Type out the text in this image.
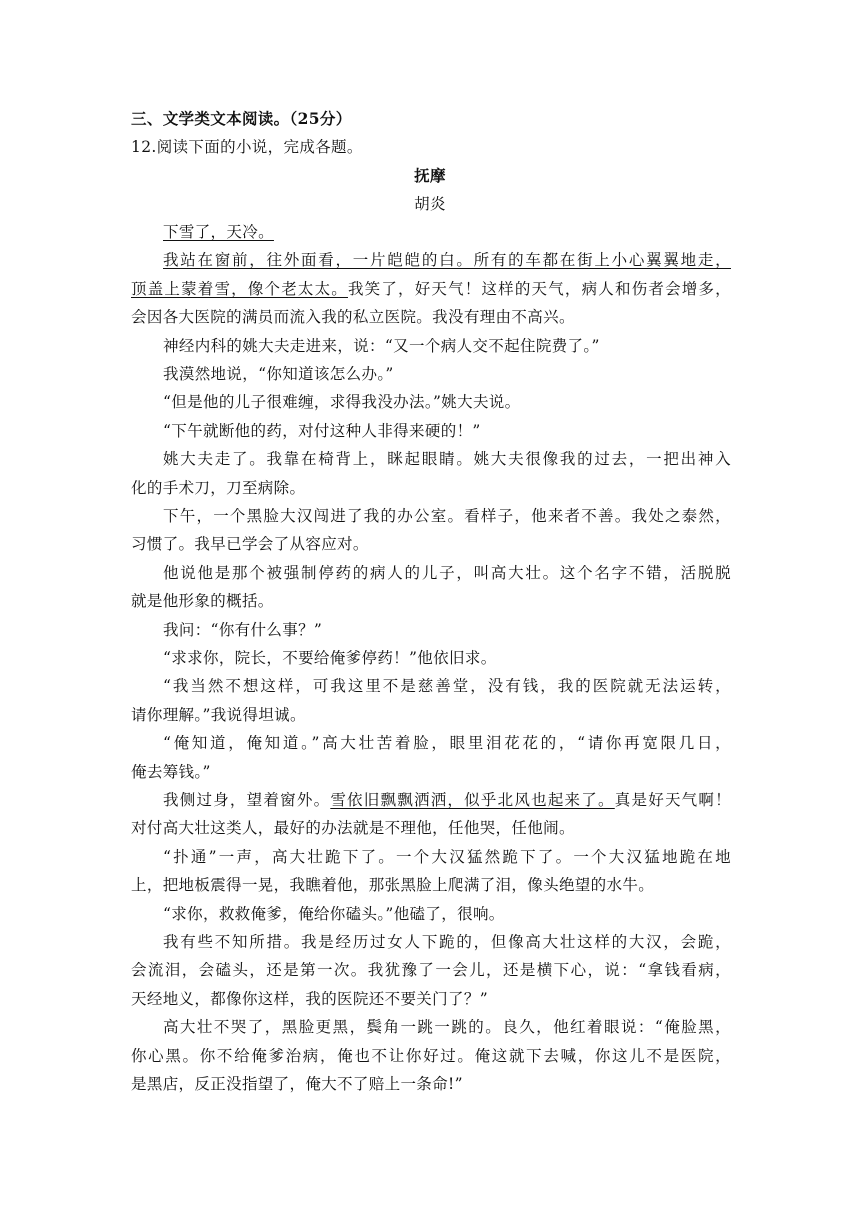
三、文学类文本阅读。（25分）
12.阅读下面的小说，完成各题。
抚摩
胡炎
下雪了，天冷。
我站在窗前，往外面看，一片皑皑的白。所有的车都在街上小心翼翼地走，
顶盖上蒙着雪，像个老太太。我笑了，好天气！这样的天气，病人和伤者会增多，
会因各大医院的满员而流入我的私立医院。我没有理由不高兴。
神经内科的姚大夫走进来，说：“又一个病人交不起住院费了。”
我漠然地说，“你知道该怎么办。”
“但是他的儿子很难缠，求得我没办法。”姚大夫说。
“下午就断他的药，对付这种人非得来硬的！”
姚大夫走了。我靠在椅背上，眯起眼睛。姚大夫很像我的过去，一把出神入
化的手术刀，刀至病除。
下午，一个黑脸大汉闯进了我的办公室。看样子，他来者不善。我处之泰然，
习惯了。我早已学会了从容应对。
他说他是那个被强制停药的病人的儿子，叫高大壮。这个名字不错，活脱脱
就是他形象的概括。
我问：“你有什么事？”
“求求你，院长，不要给俺爹停药！”他依旧求。
“我当然不想这样，可我这里不是慈善堂，没有钱，我的医院就无法运转，
请你理解。”我说得坦诚。
“俺知道，俺知道。”高大壮苦着脸，眼里泪花花的，“请你再宽限几日，
俺去筹钱。”
我侧过身，望着窗外。雪依旧飘飘洒洒，似乎北风也起来了。真是好天气啊！
对付高大壮这类人，最好的办法就是不理他，任他哭，任他闹。
“扑通”一声，高大壮跪下了。一个大汉猛然跪下了。一个大汉猛地跪在地
上，把地板震得一晃，我瞧着他，那张黑脸上爬满了泪，像头绝望的水牛。
“求你，救救俺爹，俺给你磕头。”他磕了，很响。
我有些不知所措。我是经历过女人下跪的，但像高大壮这样的大汉，会跪，
会流泪，会磕头，还是第一次。我犹豫了一会儿，还是横下心，说：“拿钱看病，
天经地义，都像你这样，我的医院还不要关门了？”
高大壮不哭了，黑脸更黑，鬓角一跳一跳的。良久，他红着眼说：“俺脸黑，
你心黑。你不给俺爹治病，俺也不让你好过。俺这就下去喊，你这儿不是医院，
是黑店，反正没指望了，俺大不了赔上一条命!”
